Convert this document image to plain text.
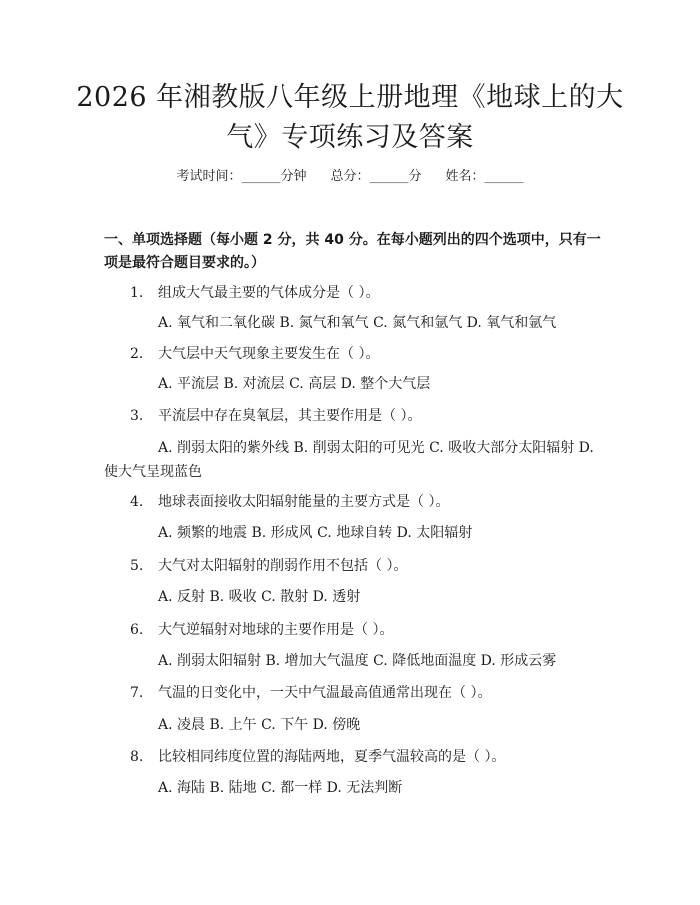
2026 年湘教版八年级上册地理《地球上的大
气》专项练习及答案
考试时间：______分钟 总分：______分 姓名：______
一、单项选择题（每小题 2 分，共 40 分。在每小题列出的四个选项中，只有一项是最符合题目要求的。）
1. 组成大气最主要的气体成分是（ ）。
A. 氧气和二氧化碳 B. 氮气和氧气 C. 氮气和氩气 D. 氧气和氩气
2. 大气层中天气现象主要发生在（ ）。
A. 平流层 B. 对流层 C. 高层 D. 整个大气层
3. 平流层中存在臭氧层，其主要作用是（ ）。
A. 削弱太阳的紫外线 B. 削弱太阳的可见光 C. 吸收大部分太阳辐射 D. 使大气呈现蓝色
4. 地球表面接收太阳辐射能量的主要方式是（ ）。
A. 频繁的地震 B. 形成风 C. 地球自转 D. 太阳辐射
5. 大气对太阳辐射的削弱作用不包括（ ）。
A. 反射 B. 吸收 C. 散射 D. 透射
6. 大气逆辐射对地球的主要作用是（ ）。
A. 削弱太阳辐射 B. 增加大气温度 C. 降低地面温度 D. 形成云雾
7. 气温的日变化中，一天中气温最高值通常出现在（ ）。
A. 凌晨 B. 上午 C. 下午 D. 傍晚
8. 比较相同纬度位置的海陆两地，夏季气温较高的是（ ）。
A. 海陆 B. 陆地 C. 都一样 D. 无法判断
